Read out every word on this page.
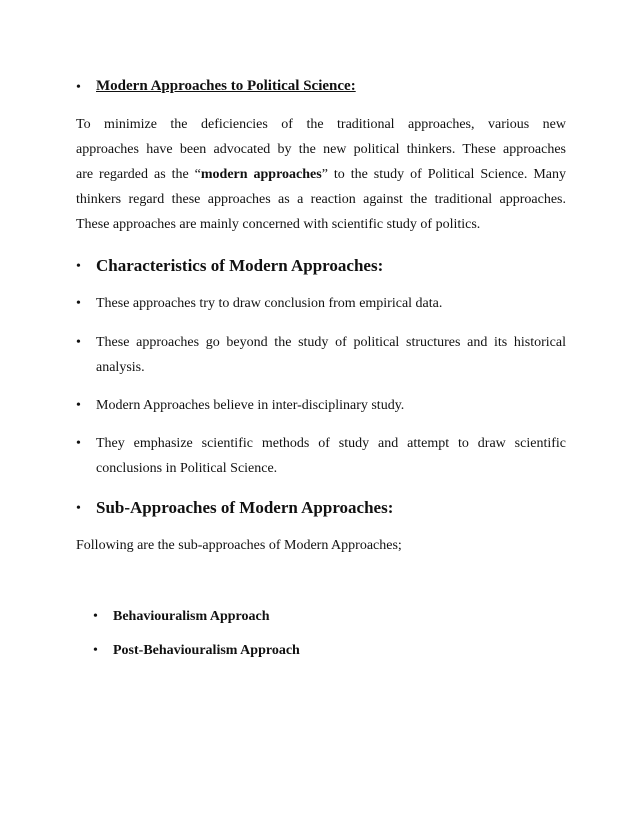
• Modern Approaches to Political Science:
To minimize the deficiencies of the traditional approaches, various new
approaches have been advocated by the new political thinkers. These approaches
are regarded as the “modern approaches” to the study of Political Science. Many
thinkers regard these approaches as a reaction against the traditional approaches.
These approaches are mainly concerned with scientific study of politics.
• Characteristics of Modern Approaches:
• These approaches try to draw conclusion from empirical data.
• These approaches go beyond the study of political structures and its historical
analysis.
• Modern Approaches believe in inter-disciplinary study.
• They emphasize scientific methods of study and attempt to draw scientific
conclusions in Political Science.
• Sub-Approaches of Modern Approaches:
Following are the sub-approaches of Modern Approaches;
• Behaviouralism Approach
• Post-Behaviouralism Approach
